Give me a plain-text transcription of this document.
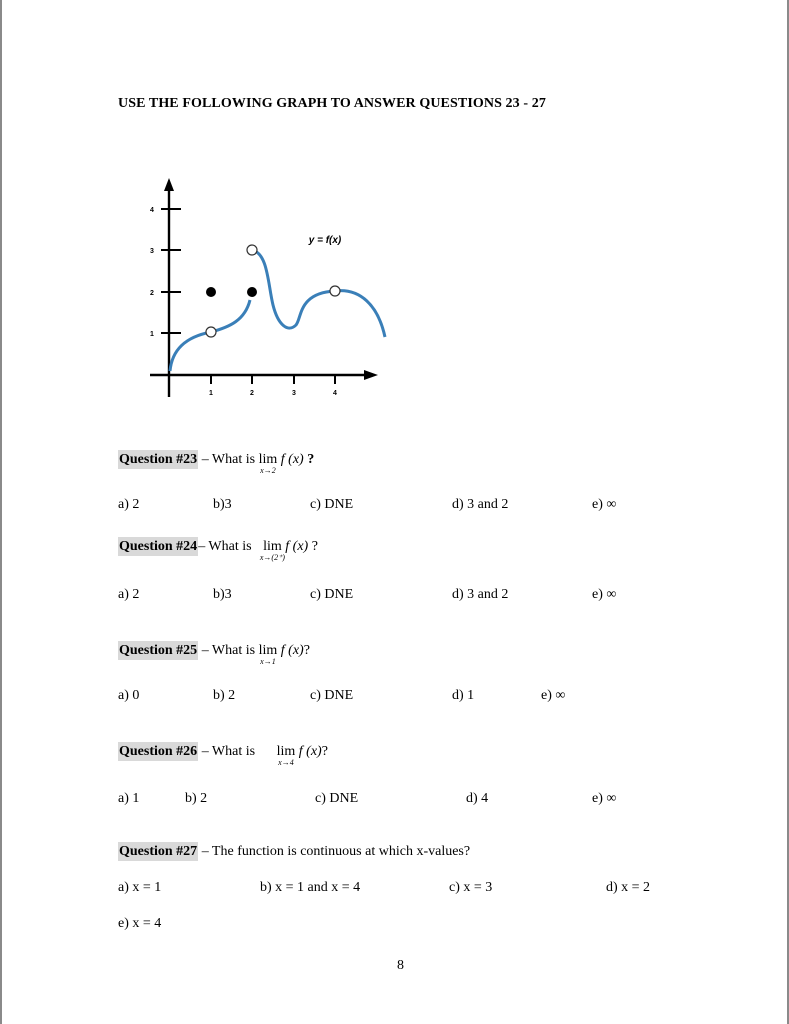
USE THE FOLLOWING GRAPH TO ANSWER QUESTIONS 23 - 27
4
3
2
1
1	2	3	4
y = f(x)
Question #23 – What is lim
x→2
f (x) ?
a) 2	b)3	c) DNE	d) 3 and 2	e) ∞
Question #24– What is lim
x→(2⁺)
f (x) ?
a) 2	b)3	c) DNE	d) 3 and 2	e) ∞
Question #25 – What is lim
x→1
f (x)?
a) 0	b) 2	c) DNE	d) 1	e) ∞
Question #26 – What is lim
x→4
f (x)?
a) 1	b) 2	c) DNE	d) 4	e) ∞
Question #27 – The function is continuous at which x-values?
a) x = 1	b) x = 1 and x = 4	c) x = 3	d) x = 2
e) x = 4
8
